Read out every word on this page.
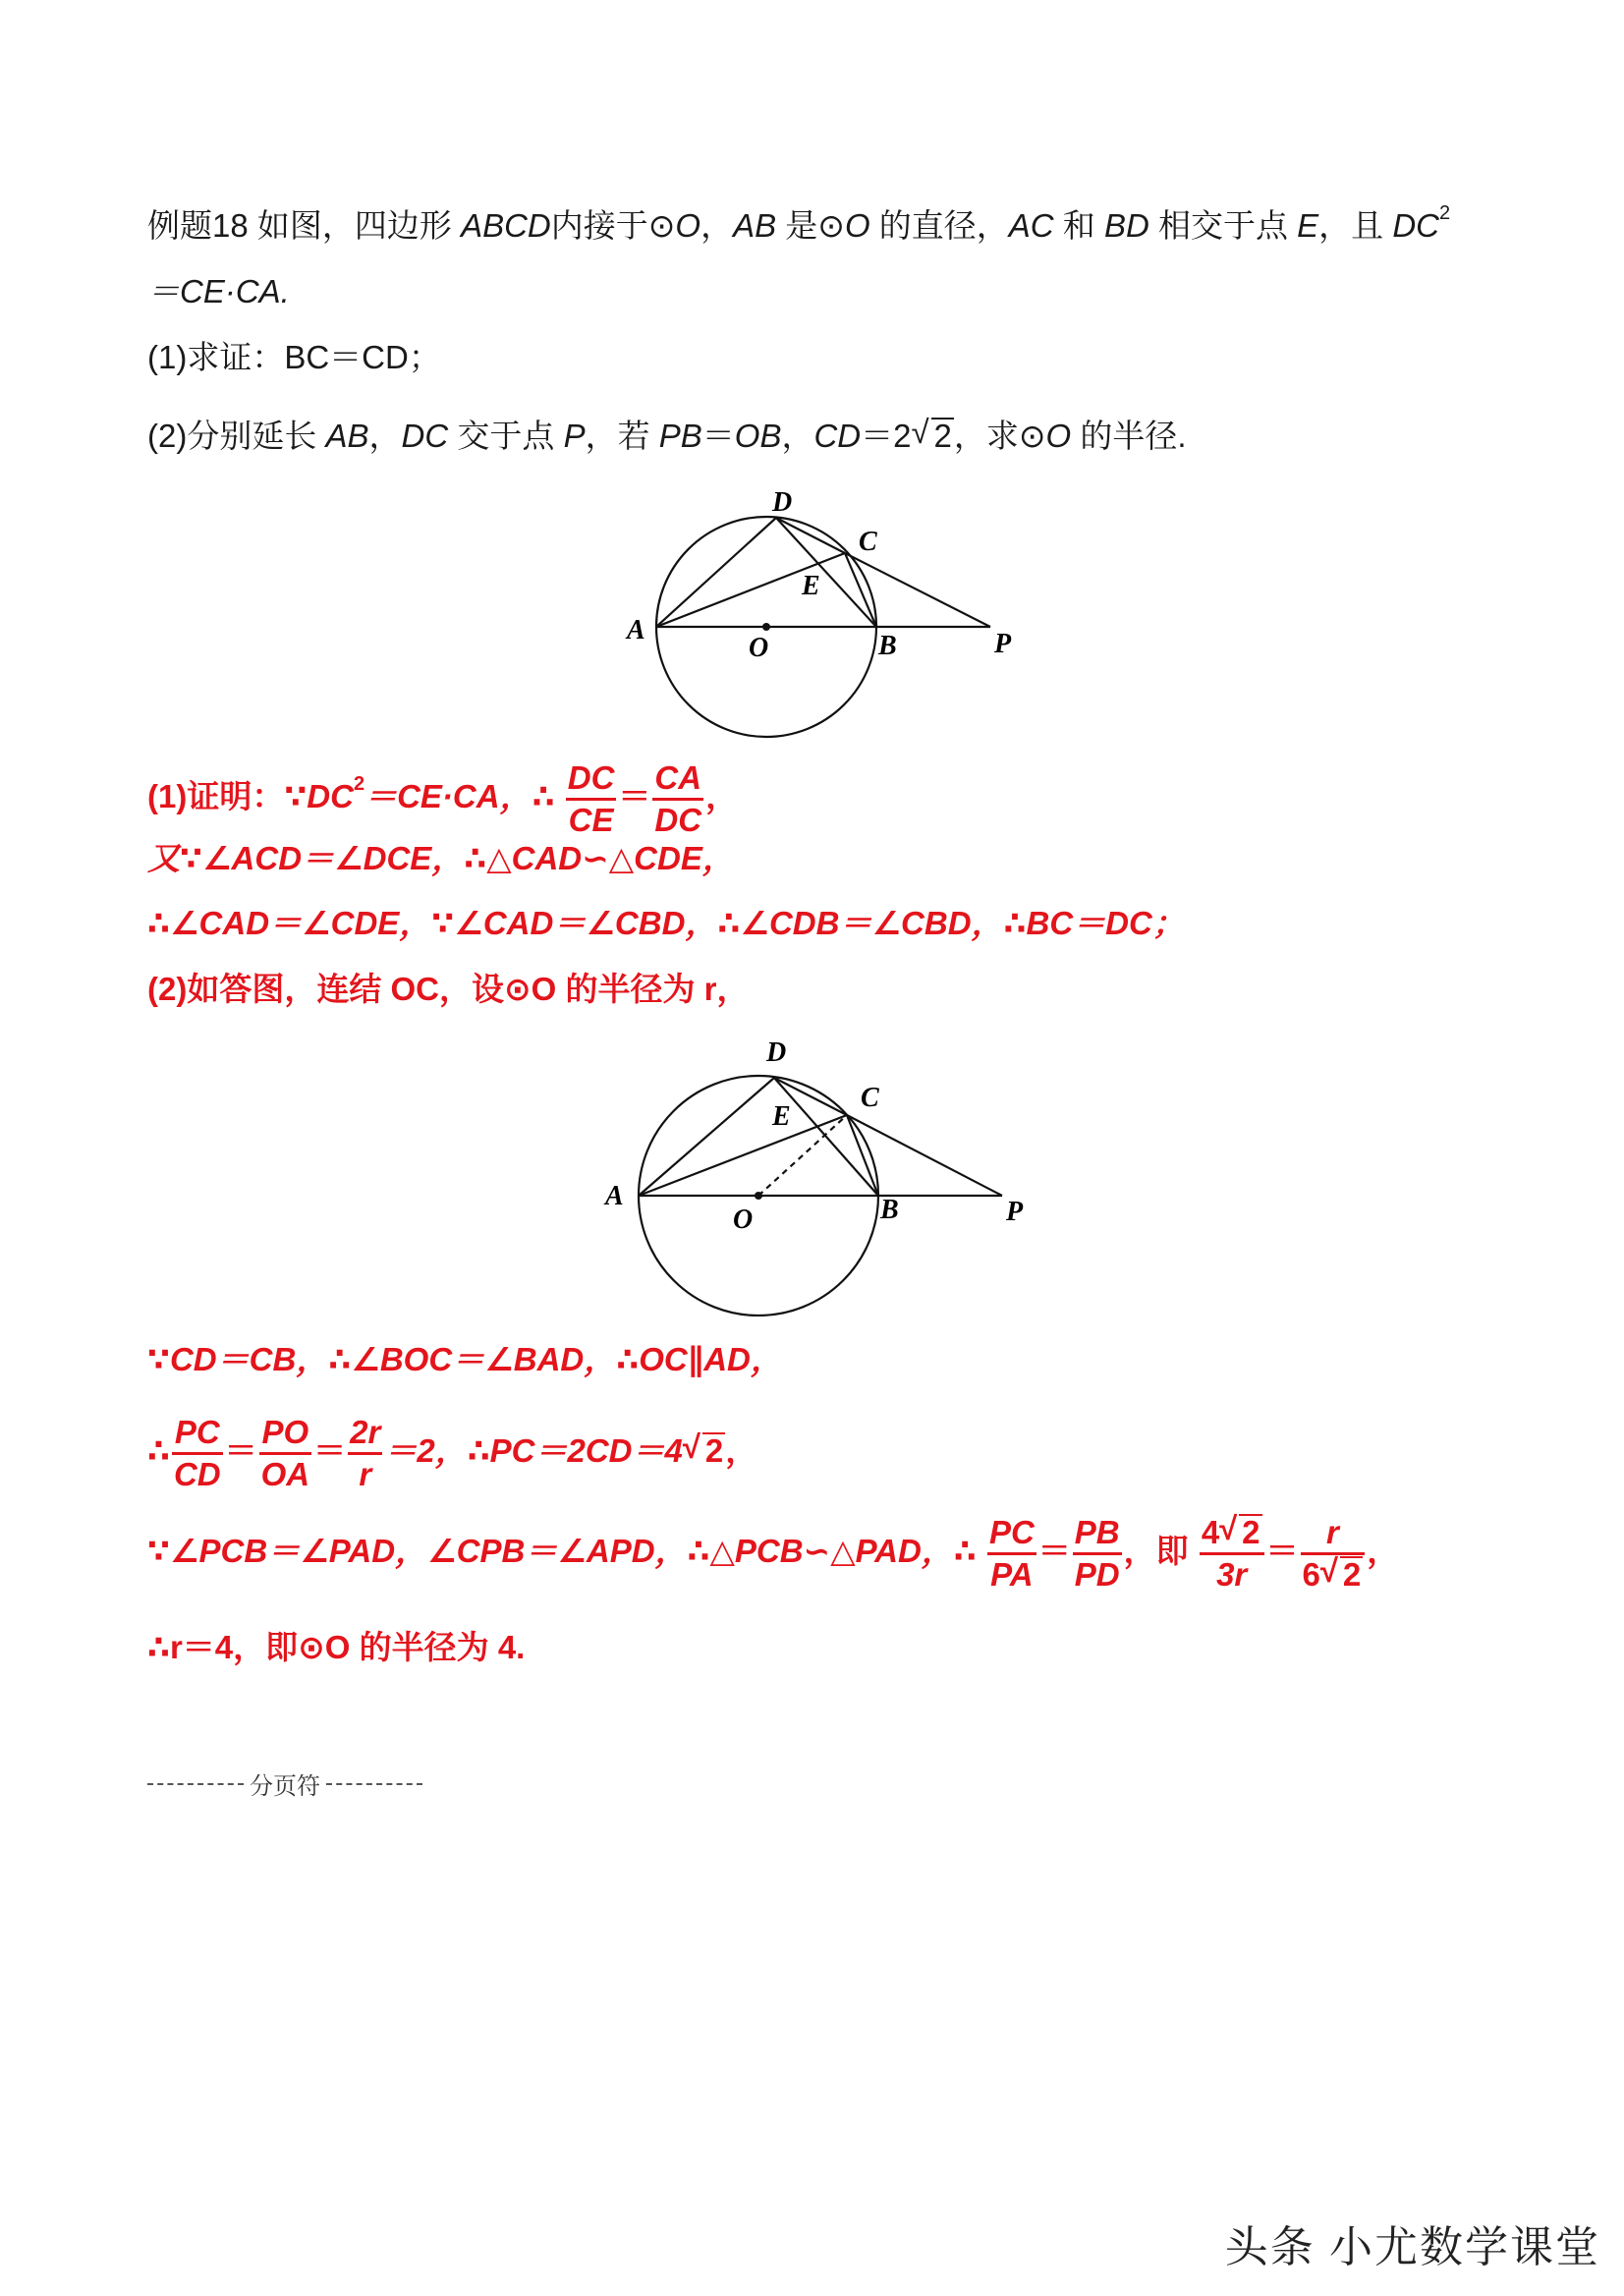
例题18 如图，四边形 ABCD内接于⊙O，AB 是⊙O 的直径，AC 和 BD 相交于点 E，且 $DC^2$
＝CE·CA.
(1)求证：BC＝CD；
(2)分别延长 AB，DC 交于点 P，若 PB＝OB，CD＝2 √ 2，求⊙O 的半径.
D
C
E
A
O	B	P
(1)证明：$\because DC^2=CE\cdot CA$，∴ $\frac{DC}{CE} = \frac{CA}{DC}$ ，
又∵∠ACD＝∠DCE，∴△CAD∽△CDE，
∴∠CAD＝∠CDE，∵∠CAD＝∠CBD，∴∠CDB＝∠CBD，∴BC＝DC；
(2)如答图，连结 OC，设⊙O 的半径为 r，
D
C
E
A
O	B	P
∵CD＝CB，∴∠BOC＝∠BAD，∴OC∥AD，
∴ $\frac{PC}{CD} = \frac{PO}{OA} = \frac{2r}{r} =2$，∴PC＝2CD＝4 √ 2，
∵∠PCB＝∠PAD，∠CPB＝∠APD，∴△PCB∽△PAD，∴ $\frac{PC}{PA} = \frac{PB}{PD}$ ，即 $\frac{4 √ 2}{3r} = \frac{r}{6 √ 2}$ ，
∴r＝4，即⊙O 的半径为 4.
分页符
头条 小尤数学课堂
